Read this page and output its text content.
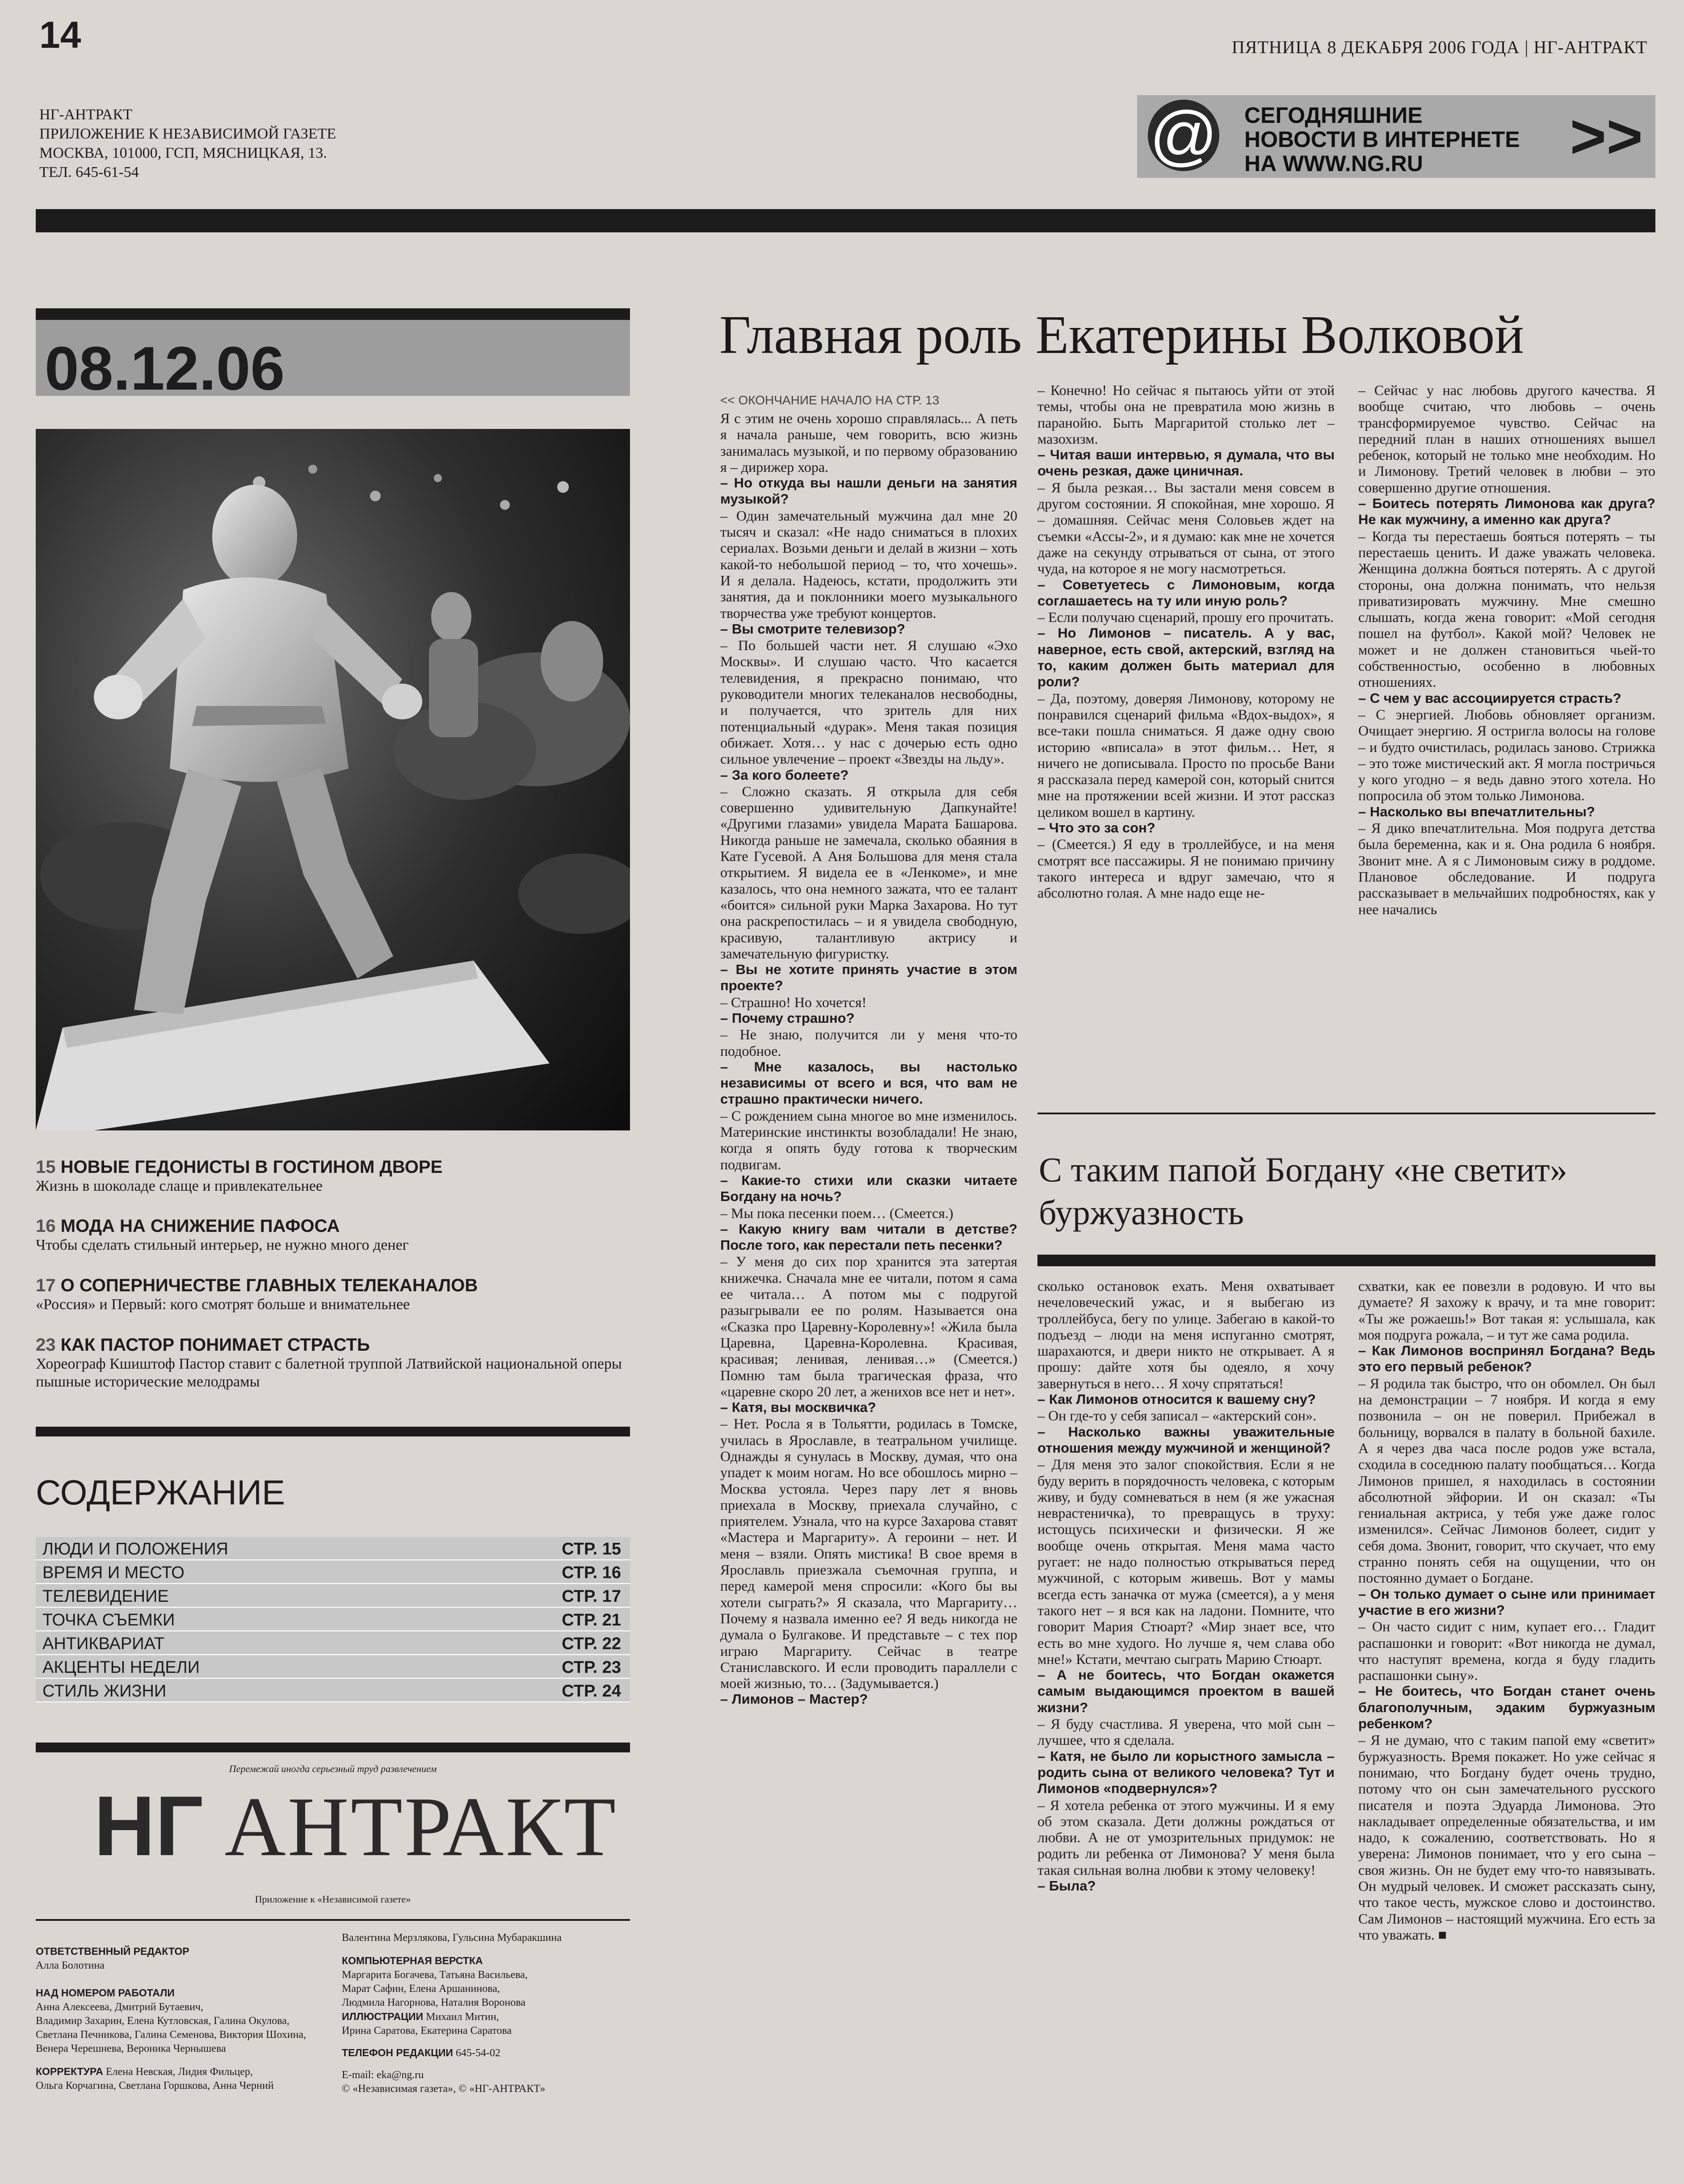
14	ПЯТНИЦА 8 ДЕКАБРЯ 2006 ГОДА | НГ-АНТРАКТ
НГ-АНТРАКТ
ПРИЛОЖЕНИЕ К НЕЗАВИСИМОЙ ГАЗЕТЕ
МОСКВА, 101000, ГСП, МЯСНИЦКАЯ, 13.
ТЕЛ. 645-61-54	@ СЕГОДНЯШНИЕ
НОВОСТИ В ИНТЕРНЕТЕ
НА WWW.NG.RU	>>
08.12.06
15 НОВЫЕ ГЕДОНИСТЫ В ГОСТИНОМ ДВОРЕ
Жизнь в шоколаде слаще и привлекательнее
16 МОДА НА СНИЖЕНИЕ ПАФОСА
Чтобы сделать стильный интерьер, не нужно много денег
17 О СОПЕРНИЧЕСТВЕ ГЛАВНЫХ ТЕЛЕКАНАЛОВ
«Россия» и Первый: кого смотрят больше и внимательнее
23 КАК ПАСТОР ПОНИМАЕТ СТРАСТЬ
Хореограф Кшиштоф Пастор ставит с балетной труппой Латвийской национальной оперы пышные исторические мелодрамы
СОДЕРЖАНИЕ
ЛЮДИ И ПОЛОЖЕНИЯ	СТР. 15
ВРЕМЯ И МЕСТО	СТР. 16
ТЕЛЕВИДЕНИЕ	СТР. 17
ТОЧКА СЪЕМКИ	СТР. 21
АНТИКВАРИАТ	СТР. 22
АКЦЕНТЫ НЕДЕЛИ	СТР. 23
СТИЛЬ ЖИЗНИ	СТР. 24
Перемежай иногда серьезный труд развлечением
НГ АНТРАКТ
Приложение к «Независимой газете»
ОТВЕТСТВЕННЫЙ РЕДАКТОР
Алла Болотина
НАД НОМЕРОМ РАБОТАЛИ
Анна Алексеева, Дмитрий Бутаевич,
Владимир Захарин, Елена Кутловская, Галина Окулова,
Светлана Печникова, Галина Семенова, Виктория Шохина,
Венера Черешнева, Вероника Чернышева
КОРРЕКТУРА Елена Невская, Лидия Фильцер,
Ольга Корчагина, Светлана Горшкова, Анна Черний
Валентина Мерзлякова, Гульсина Мубаракшина
КОМПЬЮТЕРНАЯ ВЕРСТКА
Маргарита Богачева, Татьяна Васильева,
Марат Сафин, Елена Аршанинова,
Людмила Нагорнова, Наталия Воронова
ИЛЛЮСТРАЦИИ Михаил Митин,
Ирина Саратова, Екатерина Саратова
ТЕЛЕФОН РЕДАКЦИИ 645-54-02
E-mail: eka@ng.ru
© «Независимая газета», © «НГ-АНТРАКТ»
Главная роль Екатерины Волковой
<< ОКОНЧАНИЕ НАЧАЛО НА СТР. 13

Я с этим не очень хорошо справлялась... А петь я начала раньше, чем говорить, всю жизнь занималась музыкой, и по первому образованию я – дирижер хора.

– Но откуда вы нашли деньги на занятия музыкой?

– Один замечательный мужчина дал мне 20 тысяч и сказал: «Не надо сниматься в плохих сериалах. Возьми деньги и делай в жизни – хоть какой-то небольшой период – то, что хочешь». И я делала. Надеюсь, кстати, продолжить эти занятия, да и поклонники моего музыкального творчества уже требуют концертов.

– Вы смотрите телевизор?

– По большей части нет. Я слушаю «Эхо Москвы». И слушаю часто. Что касается телевидения, я прекрасно понимаю, что руководители многих телеканалов несвободны, и получается, что зритель для них потенциальный «дурак». Меня такая позиция обижает. Хотя… у нас с дочерью есть одно сильное увлечение – проект «Звезды на льду».

– За кого болеете?

– Сложно сказать. Я открыла для себя совершенно удивительную Дапкунайте! «Другими глазами» увидела Марата Башарова. Никогда раньше не замечала, сколько обаяния в Кате Гусевой. А Аня Большова для меня стала открытием. Я видела ее в «Ленкоме», и мне казалось, что она немного зажата, что ее талант «боится» сильной руки Марка Захарова. Но тут она раскрепостилась – и я увидела свободную, красивую, талантливую актрису и замечательную фигуристку.

– Вы не хотите принять участие в этом проекте?

– Страшно! Но хочется!

– Почему страшно?

– Не знаю, получится ли у меня что-то подобное.

– Мне казалось, вы настолько независимы от всего и вся, что вам не страшно практически ничего.

– С рождением сына многое во мне изменилось. Материнские инстинкты возобладали! Не знаю, когда я опять буду готова к творческим подвигам.

– Какие-то стихи или сказки читаете Богдану на ночь?

– Мы пока песенки поем… (Смеется.)

– Какую книгу вам читали в детстве? После того, как перестали петь песенки?

– У меня до сих пор хранится эта затертая книжечка. Сначала мне ее читали, потом я сама ее читала… А потом мы с подругой разыгрывали ее по ролям. Называется она «Сказка про Царевну-Королевну»! «Жила была Царевна, Царевна-Королевна. Красивая, красивая; ленивая, ленивая…» (Смеется.) Помню там была трагическая фраза, что «царевне скоро 20 лет, а женихов все нет и нет».

– Катя, вы москвичка?

– Нет. Росла я в Тольятти, родилась в Томске, училась в Ярославле, в театральном училище. Однажды я сунулась в Москву, думая, что она упадет к моим ногам. Но все обошлось мирно – Москва устояла. Через пару лет я вновь приехала в Москву, приехала случайно, с приятелем. Узнала, что на курсе Захарова ставят «Мастера и Маргариту». А героини – нет. И меня – взяли. Опять мистика! В свое время в Ярославль приезжала съемочная группа, и перед камерой меня спросили: «Кого бы вы хотели сыграть?» Я сказала, что Маргариту… Почему я назвала именно ее? Я ведь никогда не думала о Булгакове. И представьте – с тех пор играю Маргариту. Сейчас в театре Станиславского. И если проводить параллели с моей жизнью, то… (Задумывается.)

– Лимонов – Мастер?

– Конечно! Но сейчас я пытаюсь уйти от этой темы, чтобы она не превратила мою жизнь в паранойю. Быть Маргаритой столько лет – мазохизм.

– Читая ваши интервью, я думала, что вы очень резкая, даже циничная.

– Я была резкая… Вы застали меня совсем в другом состоянии. Я спокойная, мне хорошо. Я – домашняя. Сейчас меня Соловьев ждет на съемки «Ассы-2», и я думаю: как мне не хочется даже на секунду отрываться от сына, от этого чуда, на которое я не могу насмотреться.

– Советуетесь с Лимоновым, когда соглашаетесь на ту или иную роль?

– Если получаю сценарий, прошу его прочитать.

– Но Лимонов – писатель. А у вас, наверное, есть свой, актерский, взгляд на то, каким должен быть материал для роли?

– Да, поэтому, доверяя Лимонову, которому не понравился сценарий фильма «Вдох-выдох», я все-таки пошла сниматься. Я даже одну свою историю «вписала» в этот фильм… Нет, я ничего не дописывала. Просто по просьбе Вани я рассказала перед камерой сон, который снится мне на протяжении всей жизни. И этот рассказ целиком вошел в картину.

– Что это за сон?

– (Смеется.) Я еду в троллейбусе, и на меня смотрят все пассажиры. Я не понимаю причину такого интереса и вдруг замечаю, что я абсолютно голая. А мне надо еще не-

– Сейчас у нас любовь другого качества. Я вообще считаю, что любовь – очень трансформируемое чувство. Сейчас на передний план в наших отношениях вышел ребенок, который не только мне необходим. Но и Лимонову. Третий человек в любви – это совершенно другие отношения.

– Боитесь потерять Лимонова как друга? Не как мужчину, а именно как друга?

– Когда ты перестаешь бояться потерять – ты перестаешь ценить. И даже уважать человека. Женщина должна бояться потерять. А с другой стороны, она должна понимать, что нельзя приватизировать мужчину. Мне смешно слышать, когда жена говорит: «Мой сегодня пошел на футбол». Какой мой? Человек не может и не должен становиться чьей-то собственностью, особенно в любовных отношениях.

– С чем у вас ассоциируется страсть?

– С энергией. Любовь обновляет организм. Очищает энергию. Я остригла волосы на голове – и будто очистилась, родилась заново. Стрижка – это тоже мистический акт. Я могла постричься у кого угодно – я ведь давно этого хотела. Но попросила об этом только Лимонова.

– Насколько вы впечатлительны?

– Я дико впечатлительна. Моя подруга детства была беременна, как и я. Она родила 6 ноября. Звонит мне. А я с Лимоновым сижу в роддоме. Плановое обследование. И подруга рассказывает в мельчайших подробностях, как у нее начались

С таким папой Богдану «не светит» буржуазность

сколько остановок ехать. Меня охватывает нечеловеческий ужас, и я выбегаю из троллейбуса, бегу по улице. Забегаю в какой-то подъезд – люди на меня испуганно смотрят, шарахаются, и двери никто не открывает. А я прошу: дайте хотя бы одеяло, я хочу завернуться в него… Я хочу спрятаться!

– Как Лимонов относится к вашему сну?

– Он где-то у себя записал – «актерский сон».

– Насколько важны уважительные отношения между мужчиной и женщиной?

– Для меня это залог спокойствия. Если я не буду верить в порядочность человека, с которым живу, и буду сомневаться в нем (я же ужасная неврастеничка), то превращусь в труху: истощусь психически и физически. Я же вообще очень открытая. Меня мама часто ругает: не надо полностью открываться перед мужчиной, с которым живешь. Вот у мамы всегда есть заначка от мужа (смеется), а у меня такого нет – я вся как на ладони. Помните, что говорит Мария Стюарт? «Мир знает все, что есть во мне худого. Но лучше я, чем слава обо мне!» Кстати, мечтаю сыграть Марию Стюарт.

– А не боитесь, что Богдан окажется самым выдающимся проектом в вашей жизни?

– Я буду счастлива. Я уверена, что мой сын – лучшее, что я сделала.

– Катя, не было ли корыстного замысла – родить сына от великого человека? Тут и Лимонов «подвернулся»?

– Я хотела ребенка от этого мужчины. И я ему об этом сказала. Дети должны рождаться от любви. А не от умозрительных придумок: не родить ли ребенка от Лимонова? У меня была такая сильная волна любви к этому человеку!

– Была?

схватки, как ее повезли в родовую. И что вы думаете? Я захожу к врачу, и та мне говорит: «Ты же рожаешь!» Вот такая я: услышала, как моя подруга рожала, – и тут же сама родила.

– Как Лимонов воспринял Богдана? Ведь это его первый ребенок?

– Я родила так быстро, что он обомлел. Он был на демонстрации – 7 ноября. И когда я ему позвонила – он не поверил. Прибежал в больницу, ворвался в палату в больной бахиле. А я через два часа после родов уже встала, сходила в соседнюю палату пообщаться… Когда Лимонов пришел, я находилась в состоянии абсолютной эйфории. И он сказал: «Ты гениальная актриса, у тебя уже даже голос изменился». Сейчас Лимонов болеет, сидит у себя дома. Звонит, говорит, что скучает, что ему странно понять себя на ощущении, что он постоянно думает о Богдане.

– Он только думает о сыне или принимает участие в его жизни?

– Он часто сидит с ним, купает его… Гладит распашонки и говорит: «Вот никогда не думал, что наступят времена, когда я буду гладить распашонки сыну».

– Не боитесь, что Богдан станет очень благополучным, эдаким буржуазным ребенком?

– Я не думаю, что с таким папой ему «светит» буржуазность. Время покажет. Но уже сейчас я понимаю, что Богдану будет очень трудно, потому что он сын замечательного русского писателя и поэта Эдуарда Лимонова. Это накладывает определенные обязательства, и им надо, к сожалению, соответствовать. Но я уверена: Лимонов понимает, что у его сына – своя жизнь. Он не будет ему что-то навязывать. Он мудрый человек. И сможет рассказать сыну, что такое честь, мужское слово и достоинство. Сам Лимонов – настоящий мужчина. Его есть за что уважать. ■
